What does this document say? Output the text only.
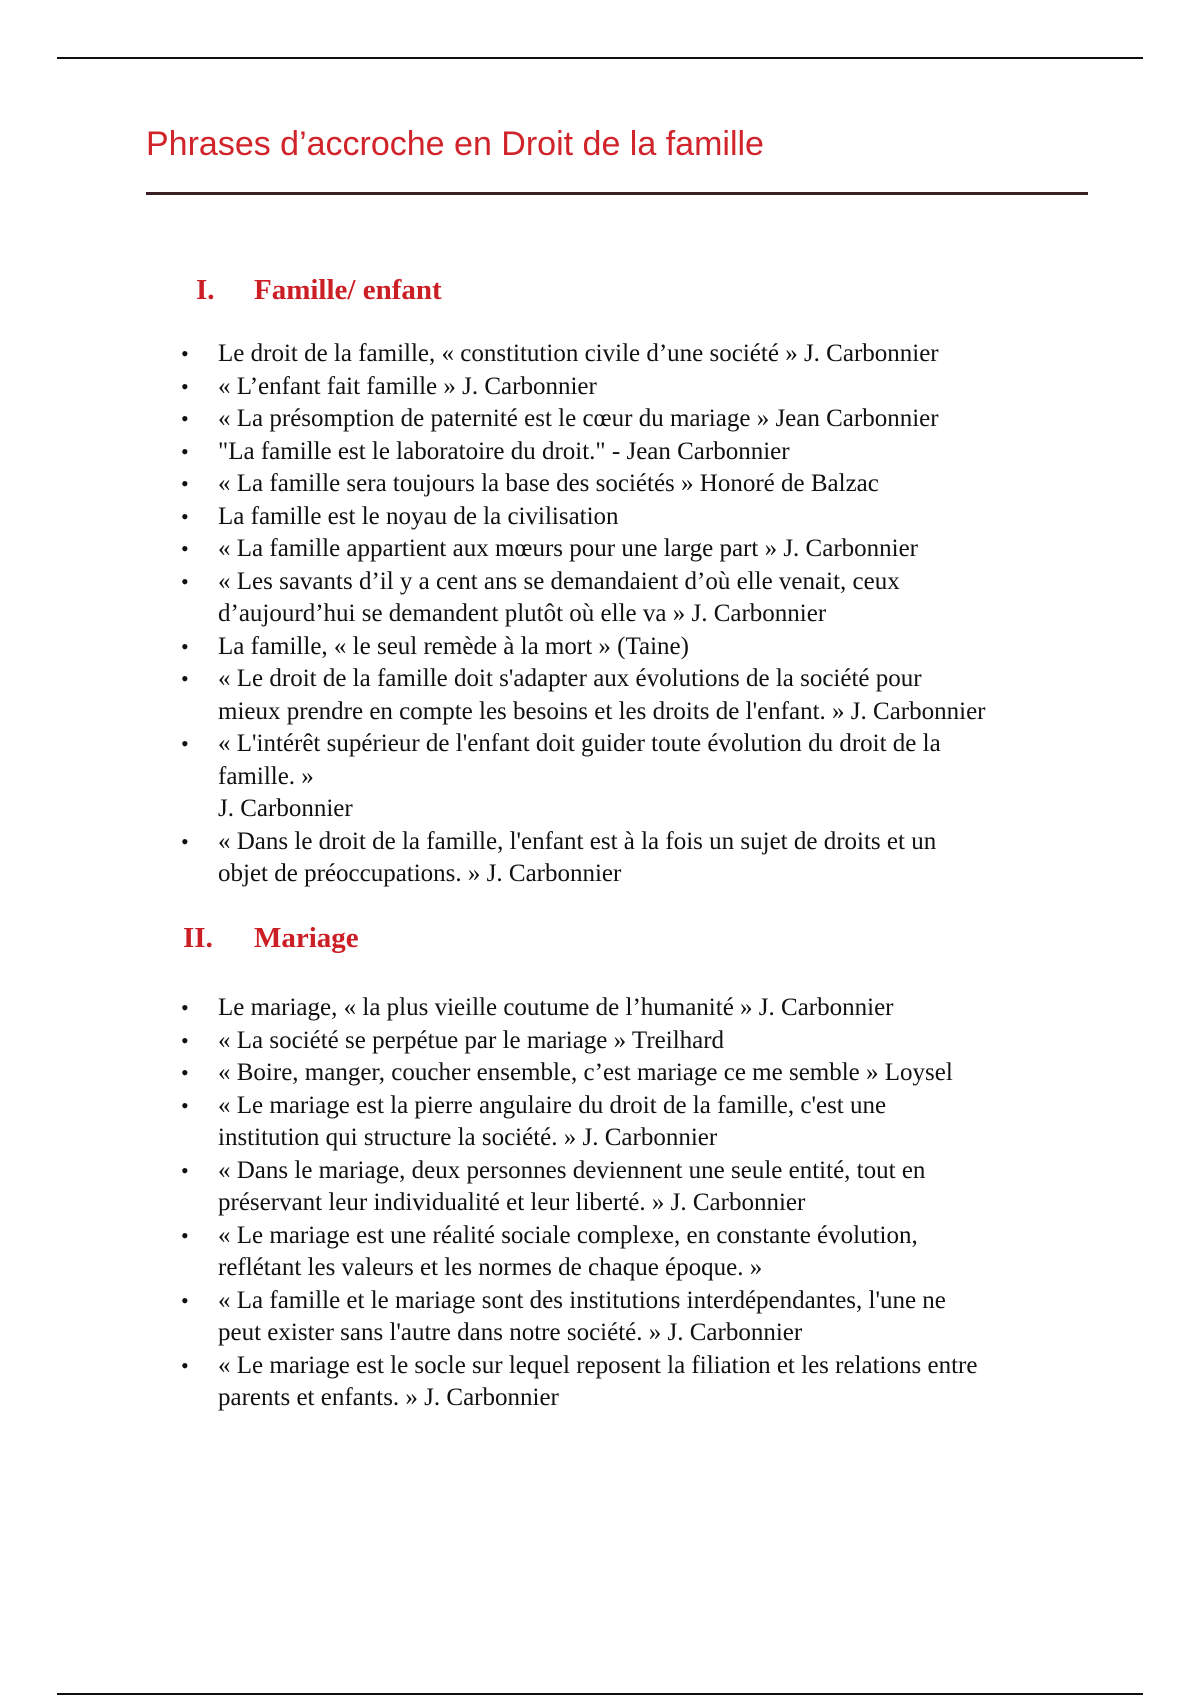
Phrases d’accroche en Droit de la famille
I. Famille/ enfant
• Le droit de la famille, « constitution civile d’une société » J. Carbonnier
• « L’enfant fait famille » J. Carbonnier
• « La présomption de paternité est le cœur du mariage » Jean Carbonnier
• "La famille est le laboratoire du droit." - Jean Carbonnier
• « La famille sera toujours la base des sociétés » Honoré de Balzac
• La famille est le noyau de la civilisation
• « La famille appartient aux mœurs pour une large part » J. Carbonnier
• « Les savants d’il y a cent ans se demandaient d’où elle venait, ceux
d’aujourd’hui se demandent plutôt où elle va » J. Carbonnier
• La famille, « le seul remède à la mort » (Taine)
• « Le droit de la famille doit s'adapter aux évolutions de la société pour
mieux prendre en compte les besoins et les droits de l'enfant. » J. Carbonnier
• « L'intérêt supérieur de l'enfant doit guider toute évolution du droit de la
famille. »
J. Carbonnier
• « Dans le droit de la famille, l'enfant est à la fois un sujet de droits et un
objet de préoccupations. » J. Carbonnier
II. Mariage
• Le mariage, « la plus vieille coutume de l’humanité » J. Carbonnier
• « La société se perpétue par le mariage » Treilhard
• « Boire, manger, coucher ensemble, c’est mariage ce me semble » Loysel
• « Le mariage est la pierre angulaire du droit de la famille, c'est une
institution qui structure la société. » J. Carbonnier
• « Dans le mariage, deux personnes deviennent une seule entité, tout en
préservant leur individualité et leur liberté. » J. Carbonnier
• « Le mariage est une réalité sociale complexe, en constante évolution,
reflétant les valeurs et les normes de chaque époque. »
• « La famille et le mariage sont des institutions interdépendantes, l'une ne
peut exister sans l'autre dans notre société. » J. Carbonnier
• « Le mariage est le socle sur lequel reposent la filiation et les relations entre
parents et enfants. » J. Carbonnier
